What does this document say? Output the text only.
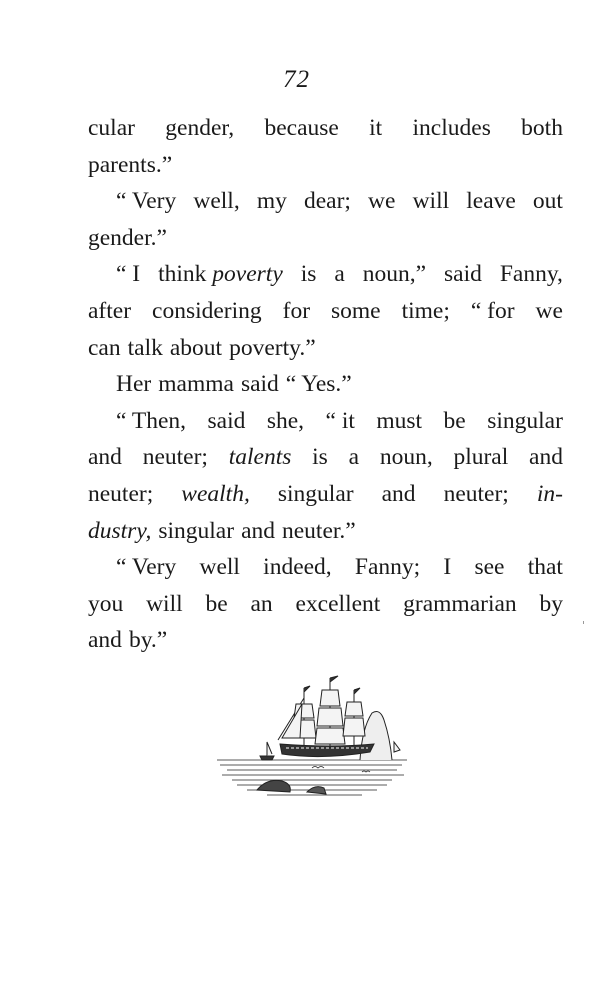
72
cular gender, because it includes both
parents.”
“ Very well, my dear; we will leave out
gender.”
“ I think poverty is a noun,” said Fanny,
after considering for some time; “ for we
can talk about poverty.”
Her mamma said “ Yes.”
“ Then, said she, “ it must be singular
and neuter; talents is a noun, plural and
neuter; wealth, singular and neuter; in-
dustry, singular and neuter.”
“ Very well indeed, Fanny; I see that
you will be an excellent grammarian by
and by.”
